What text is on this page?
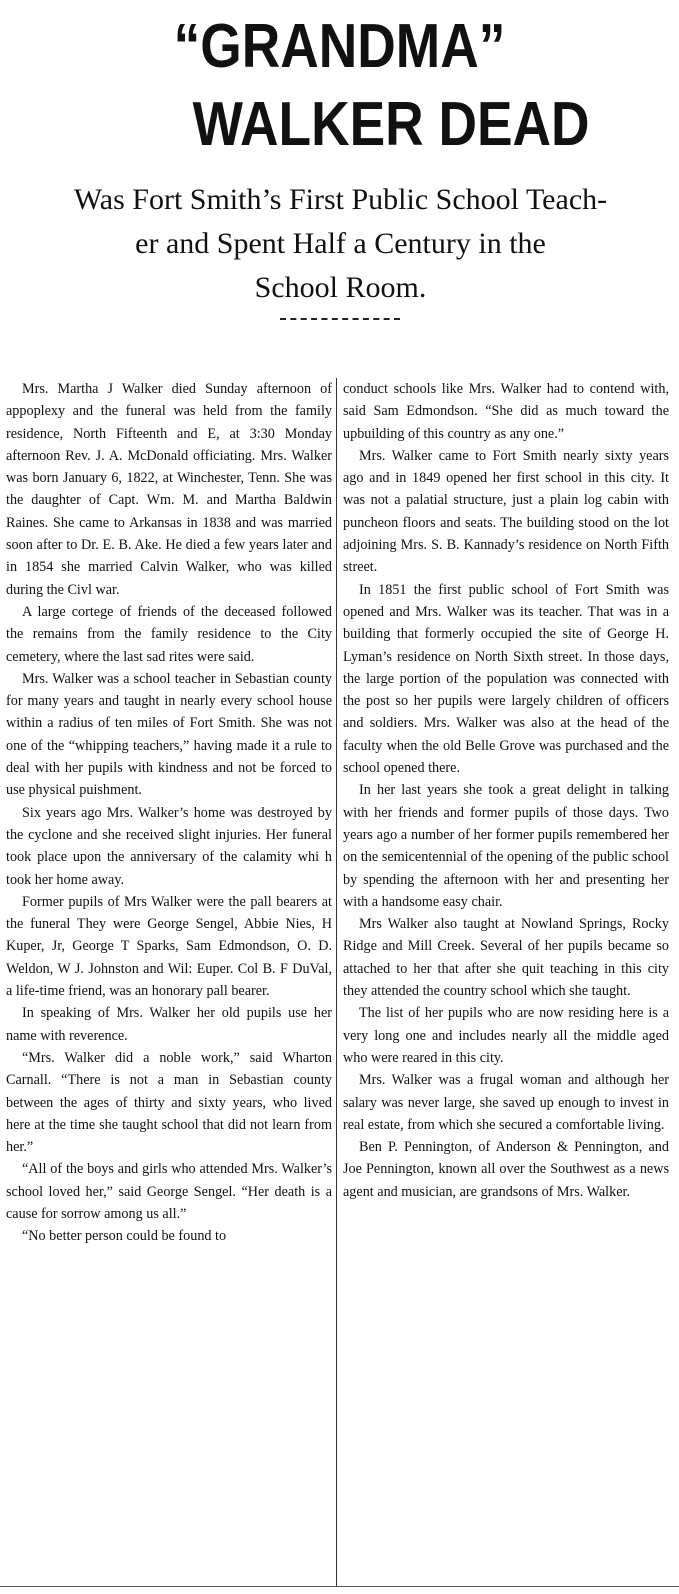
“GRANDMA”
WALKER DEAD
Was Fort Smith’s First Public School Teach-
er and Spent Half a Century in the
School Room.

Mrs. Martha J Walker died Sunday afternoon of appoplexy and the funeral was held from the family residence, North Fifteenth and E, at 3:30 Monday afternoon Rev. J. A. McDonald officiating. Mrs. Walker was born January 6, 1822, at Winchester, Tenn. She was the daughter of Capt. Wm. M. and Martha Baldwin Raines. She came to Arkansas in 1838 and was married soon after to Dr. E. B. Ake. He died a few years later and in 1854 she married Calvin Walker, who was killed during the Civl war.

A large cortege of friends of the deceased followed the remains from the family residence to the City cemetery, where the last sad rites were said.

Mrs. Walker was a school teacher in Sebastian county for many years and taught in nearly every school house within a radius of ten miles of Fort Smith. She was not one of the “whipping teachers,” having made it a rule to deal with her pupils with kindness and not be forced to use physical puishment.

Six years ago Mrs. Walker’s home was destroyed by the cyclone and she received slight injuries. Her funeral took place upon the anniversary of the calamity whi h took her home away.

Former pupils of Mrs Walker were the pall bearers at the funeral They were George Sengel, Abbie Nies, H Kuper, Jr, George T Sparks, Sam Edmondson, O. D. Weldon, W J. Johnston and Wil: Euper. Col B. F DuVal, a life-time friend, was an honorary pall bearer.

In speaking of Mrs. Walker her old pupils use her name with reverence.

“Mrs. Walker did a noble work,” said Wharton Carnall. “There is not a man in Sebastian county between the ages of thirty and sixty years, who lived here at the time she taught school that did not learn from her.”

“All of the boys and girls who attended Mrs. Walker’s school loved her,” said George Sengel. “Her death is a cause for sorrow among us all.”

“No better person could be found to

conduct schools like Mrs. Walker had to contend with, said Sam Edmondson. “She did as much toward the upbuilding of this country as any one.”

Mrs. Walker came to Fort Smith nearly sixty years ago and in 1849 opened her first school in this city. It was not a palatial structure, just a plain log cabin with puncheon floors and seats. The building stood on the lot adjoining Mrs. S. B. Kannady’s residence on North Fifth street.

In 1851 the first public school of Fort Smith was opened and Mrs. Walker was its teacher. That was in a building that formerly occupied the site of George H. Lyman’s residence on North Sixth street. In those days, the large portion of the population was connected with the post so her pupils were largely children of officers and soldiers. Mrs. Walker was also at the head of the faculty when the old Belle Grove was purchased and the school opened there.

In her last years she took a great delight in talking with her friends and former pupils of those days. Two years ago a number of her former pupils remembered her on the semicentennial of the opening of the public school by spending the afternoon with her and presenting her with a handsome easy chair.

Mrs Walker also taught at Nowland Springs, Rocky Ridge and Mill Creek. Several of her pupils became so attached to her that after she quit teaching in this city they attended the country school which she taught.

The list of her pupils who are now residing here is a very long one and includes nearly all the middle aged who were reared in this city.

Mrs. Walker was a frugal woman and although her salary was never large, she saved up enough to invest in real estate, from which she secured a comfortable living.

Ben P. Pennington, of Anderson & Pennington, and Joe Pennington, known all over the Southwest as a news agent and musician, are grandsons of Mrs. Walker.
